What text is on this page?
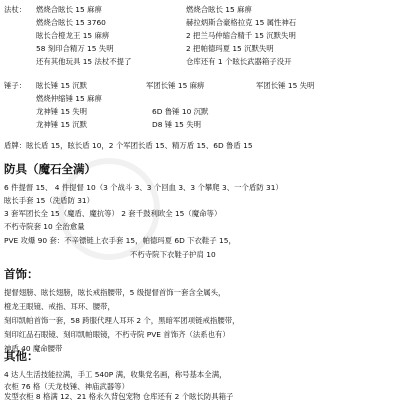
法杖： 燃烧合眩长 15 麻痹	燃烧合眩长 15 麻痹
燃烧合眩长 15 3760	赫拉炳斯合豪格拉克 15 属性神石
眩长合橙龙王 15 麻痹	2 把兰马仲缩合精千 15 沉默失明
58 刻印合精万 15 失明	2 把帕德玛夏 15 沉默失明
还有其他玩具 15 法杖不提了	仓库还有 1 个眩长武器箱子没开
锤子： 眩长锤 15 沉默	军团长锤 15 麻痹	军团长锤 15 失明
燃烧仲缩锤 15 麻痹
龙神锤 15 失明	6D 鲁锤 10 沉默
龙神锤 15 沉默	D8 锤 15 失明
盾牌：眩长盾 15，眩长盾 10，2 个军团长盾 15、精万盾 15、6D 鲁盾 15
防具（魔石全满）
6 件提督 15、 4 件提督 10（3 个战斗 3、3 个回血 3、3 个攀爬 3、一个盾防 31）
眩长手套 15（洗盾防 31）
3 套军团长全 15（魔盾、魔抗等） 2 套千鼓利欧全 15（魔命等）
不朽寺院套 10 全治愈量
PVE 攻爆 90 套：不辛镖链上衣手套 15，帕德玛夏 6D 下衣鞋子 15，
不朽寺院下衣鞋子护肩 10
首饰：
提督翅膀、眩长翅膀，眩长戒指腰带，5 级提督首饰一套含全属头，
橙龙王眼镜、戒指、耳环、腰带，
刻印凯帕首饰一套，58 跨服代理人耳环 2 个，黑暗军团项链戒指腰带，
刻印红品石眼镜、刻印凯帕眼镜，不朽寺院 PVE 首饰齐（法系也有）
神盾 40 魔命腰带
其他：
4 达人生活技能拉满，手工 540P 满，收集党名画，称号基本全满，
衣柜 76 格（天龙枝锤、神庙武器等）
发型衣柜 8 格满 12、21 格永久背包宠物 仓库还有 2 个眩长防具箱子
